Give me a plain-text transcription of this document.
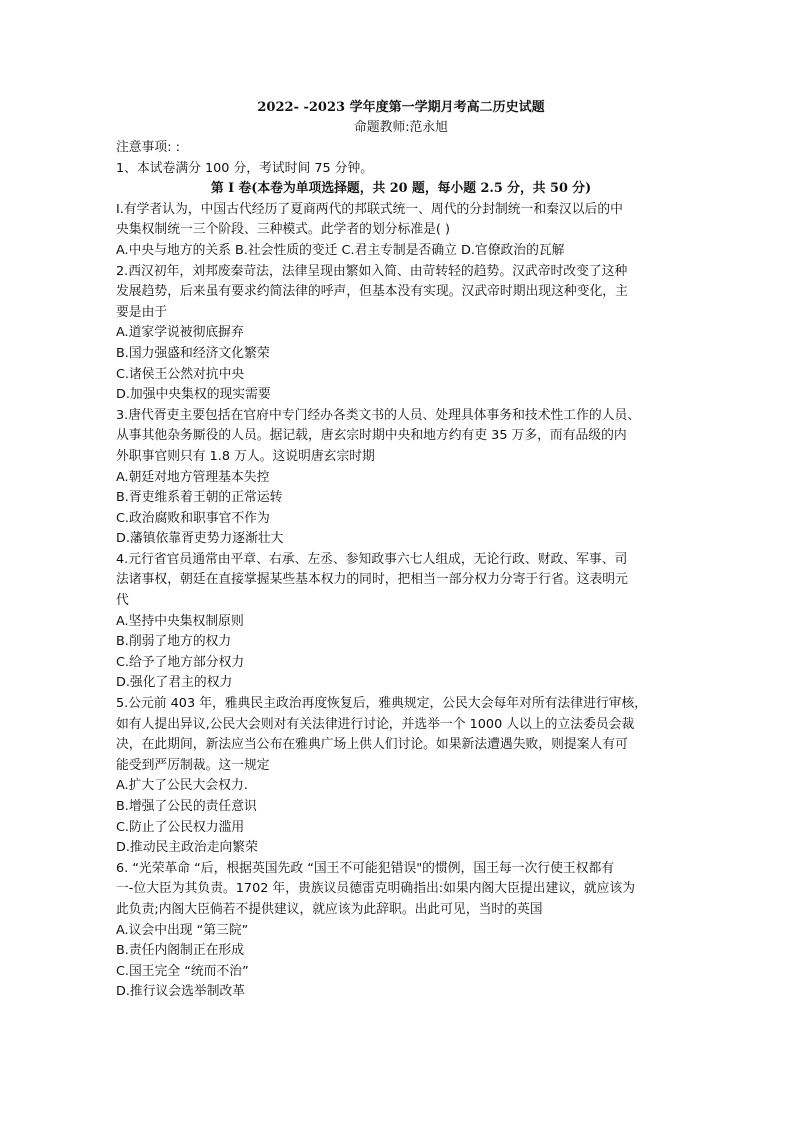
2022- -2023 学年度第一学期月考高二历史试题
命题教师:范永旭
注意事项: :
1、本试卷满分 100 分，考试时间 75 分钟。
第 I 卷(本卷为单项选择题，共 20 题，每小题 2.5 分，共 50 分)
I.有学者认为，中国古代经历了夏商两代的邦联式统一、周代的分封制统一和秦汉以后的中
央集权制统一三个阶段、三种模式。此学者的划分标准是( )
A.中央与地方的关系 B.社会性质的变迁 C.君主专制是否确立 D.官僚政治的瓦解
2.西汉初年，刘邦废秦苛法，法律呈现由繁如入简、由苛转轻的趋势。汉武帝时改变了这种
发展趋势，后来虽有要求约简法律的呼声，但基本没有实现。汉武帝时期出现这种变化，主
要是由于
A.道家学说被彻底摒弃
B.国力强盛和经济文化繁荣
C.诸侯王公然对抗中央
D.加强中央集权的现实需要
3.唐代胥吏主要包括在官府中专门经办各类文书的人员、处理具体事务和技术性工作的人员、
从事其他杂务厮役的人员。据记载，唐玄宗时期中央和地方约有吏 35 万多，而有品级的内
外职事官则只有 1.8 万人。这说明唐玄宗时期
A.朝廷对地方管理基本失控
B.胥吏维系着王朝的正常运转
C.政治腐败和职事官不作为
D.藩镇依靠胥吏势力逐渐壮大
4.元行省官员通常由平章、右承、左丞、参知政事六七人组成，无论行政、财政、军事、司
法诸事权，朝廷在直接掌握某些基本权力的同时，把相当一部分权力分寄于行省。这表明元
代
A.坚持中央集权制原则
B.削弱了地方的权力
C.给予了地方部分权力
D.强化了君主的权力
5.公元前 403 年，雅典民主政治再度恢复后，雅典规定，公民大会每年对所有法律进行审核，
如有人提出异议,公民大会则对有关法律进行讨论，并选举一个 1000 人以上的立法委员会裁
决，在此期间，新法应当公布在雅典广场上供人们讨论。如果新法遭遇失败，则提案人有可
能受到严厉制裁。这一规定
A.扩大了公民大会权力.
B.增强了公民的责任意识
C.防止了公民权力滥用
D.推动民主政治走向繁荣
6. “光荣革命 “后，根据英国先政 “国王不可能犯错误"的惯例，国王每一次行使王权都有
一-位大臣为其负责。1702 年，贵族议员德雷克明确指出:如果内阁大臣提出建议，就应该为
此负责;内阁大臣倘若不提供建议，就应该为此辞职。出此可见，当时的英国
A.议会中出现 “第三院”
B.责任内阁制正在形成
C.国王完全 “统而不治”
D.推行议会选举制改革
